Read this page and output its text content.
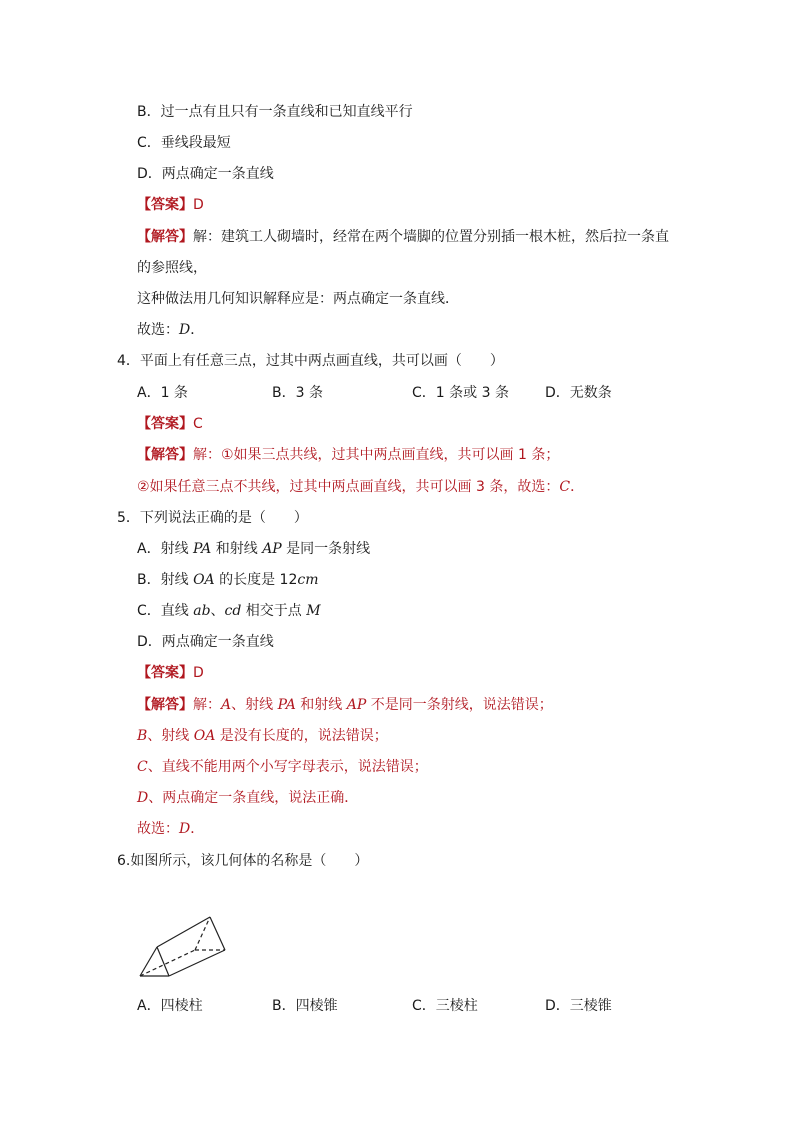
B．过一点有且只有一条直线和已知直线平行
C．垂线段最短
D．两点确定一条直线
【答案】D
【解答】解：建筑工人砌墙时，经常在两个墙脚的位置分别插一根木桩，然后拉一条直
的参照线，
这种做法用几何知识解释应是：两点确定一条直线．
故选：D．
4．平面上有任意三点，过其中两点画直线，共可以画（　　）
A．1 条	B．3 条	C．1 条或 3 条	D．无数条
【答案】C
【解答】解：①如果三点共线，过其中两点画直线，共可以画 1 条；
②如果任意三点不共线，过其中两点画直线，共可以画 3 条，故选：C．
5．下列说法正确的是（　　）
A．射线 PA 和射线 AP 是同一条射线
B．射线 OA 的长度是 12cm
C．直线 ab、cd 相交于点 M
D．两点确定一条直线
【答案】D
【解答】解：A、射线 PA 和射线 AP 不是同一条射线，说法错误；
B、射线 OA 是没有长度的，说法错误；
C、直线不能用两个小写字母表示，说法错误；
D、两点确定一条直线，说法正确．
故选：D．
6.如图所示，该几何体的名称是（　　）
A．四棱柱	B．四棱锥	C．三棱柱	D．三棱锥
